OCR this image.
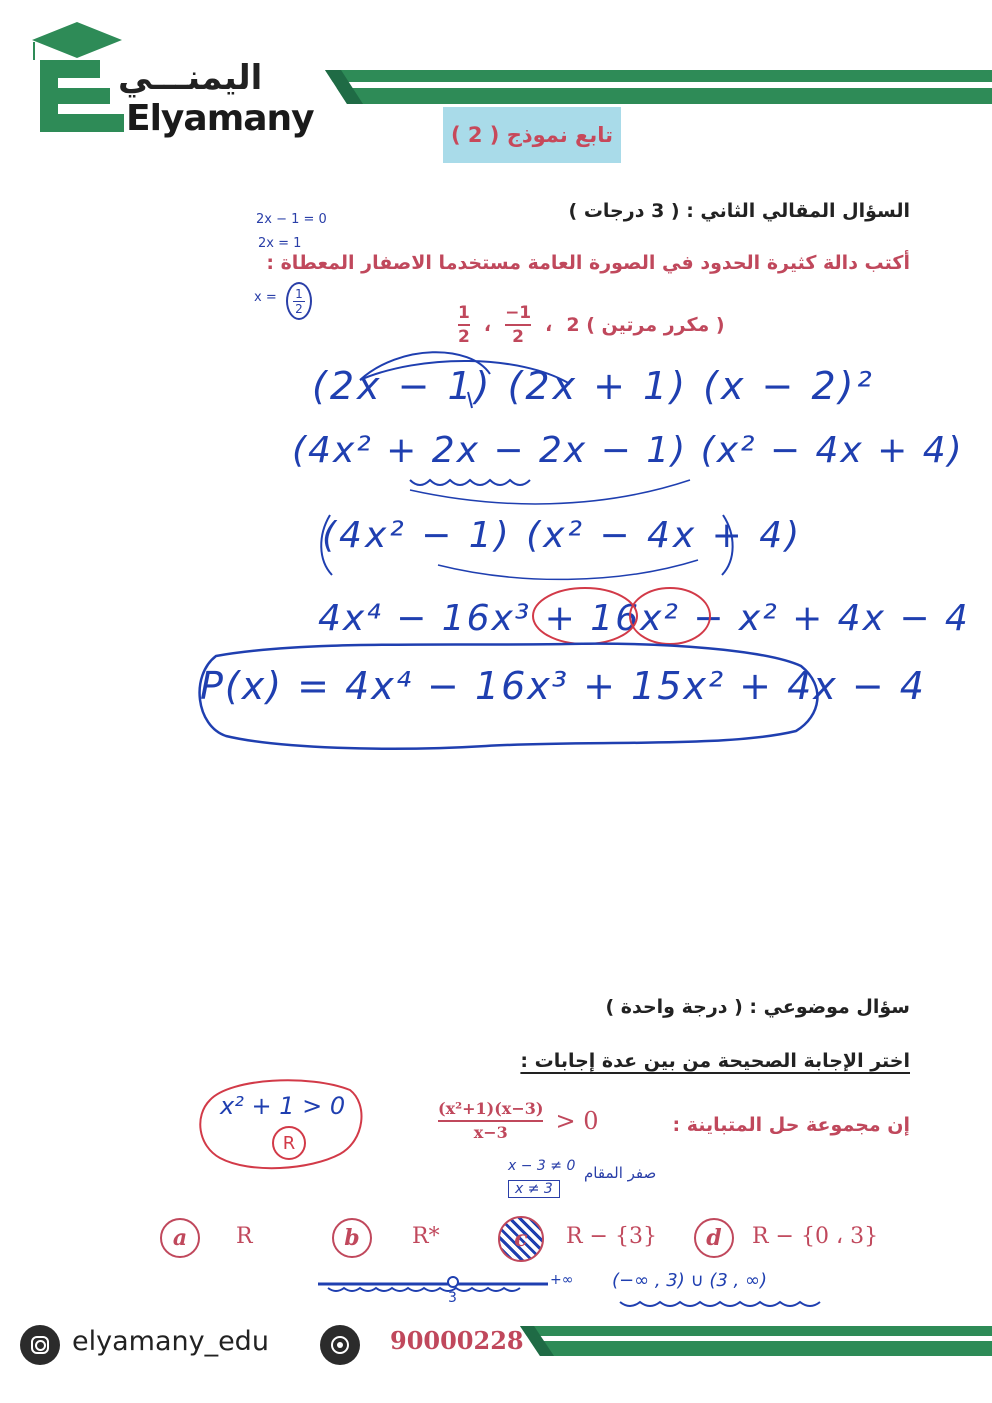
اليمنـــي
Elyamany	تابع نموذج ( 2 )
السؤال المقالي الثاني : ( 3 درجات )
أكتب دالة كثيرة الحدود في الصورة العامة مستخدما الاصفار المعطاة :
$\frac{1}{2}$ ، $\frac{-1}{2}$ ، ( مكرر مرتين ) 2
2x − 1 = 0
2x = 1
x = 1
2
(2x − 1) (2x + 1) (x − 2)²
(4x² + 2x − 2x − 1) (x² − 4x + 4)
(4x² − 1) (x² − 4x + 4)
4x⁴ − 16x³ + 16x² − x² + 4x − 4
P(x) = 4x⁴ − 16x³ + 15x² + 4x − 4
سؤال موضوعي : ( درجة واحدة )
اختر الإجابة الصحيحة من بين عدة إجابات :
إن مجموعة حل المتباينة :
(x²+1)(x−3)
x−3 > 0
x² + 1 > 0
R
x − 3 ≠ 0
x ≠ 3
صفر المقام
a	R	b	R*	c	R − {3}	d	R − {0 ، 3}
3
+∞ (−∞ , 3) ∪ (3 , ∞)
elyamany_edu	90000228
